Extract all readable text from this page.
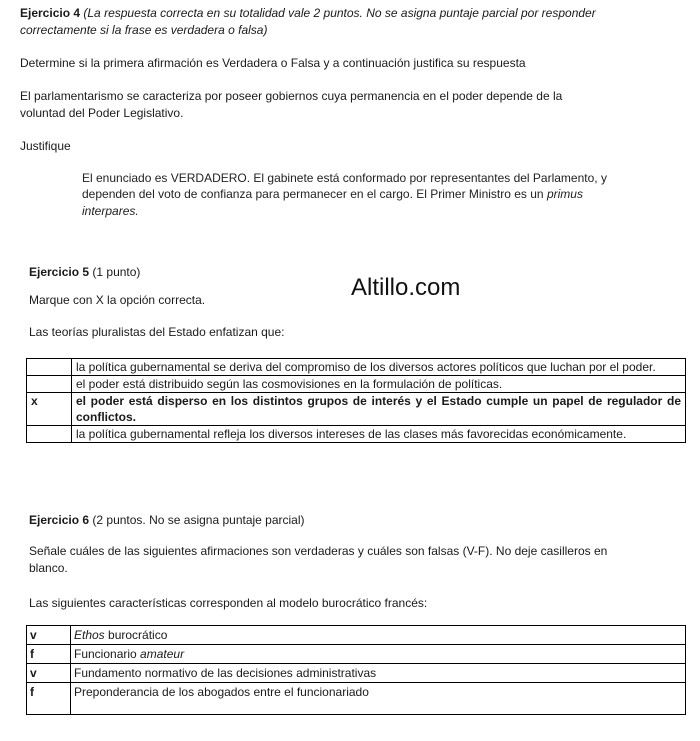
Ejercicio 4 (La respuesta correcta en su totalidad vale 2 puntos. No se asigna puntaje parcial por responder
correctamente si la frase es verdadera o falsa)
Determine si la primera afirmación es Verdadera o Falsa y a continuación justifica su respuesta
El parlamentarismo se caracteriza por poseer gobiernos cuya permanencia en el poder depende de la
voluntad del Poder Legislativo.
Justifique
El enunciado es VERDADERO. El gabinete está conformado por representantes del Parlamento, y
dependen del voto de confianza para permanecer en el cargo. El Primer Ministro es un primus
interpares.
Ejercicio 5 (1 punto)
Altillo.com
Marque con X la opción correcta.
Las teorías pluralistas del Estado enfatizan que:
	la política gubernamental se deriva del compromiso de los diversos actores políticos que luchan por el poder.
	el poder está distribuido según las cosmovisiones en la formulación de políticas.
x	el poder está disperso en los distintos grupos de interés y el Estado cumple un papel de regulador de conflictos.
	la política gubernamental refleja los diversos intereses de las clases más favorecidas económicamente.
Ejercicio 6 (2 puntos. No se asigna puntaje parcial)
Señale cuáles de las siguientes afirmaciones son verdaderas y cuáles son falsas (V-F). No deje casilleros en
blanco.
Las siguientes características corresponden al modelo burocrático francés:
v	Ethos burocrático
f	Funcionario amateur
v	Fundamento normativo de las decisiones administrativas
f	Preponderancia de los abogados entre el funcionariado
